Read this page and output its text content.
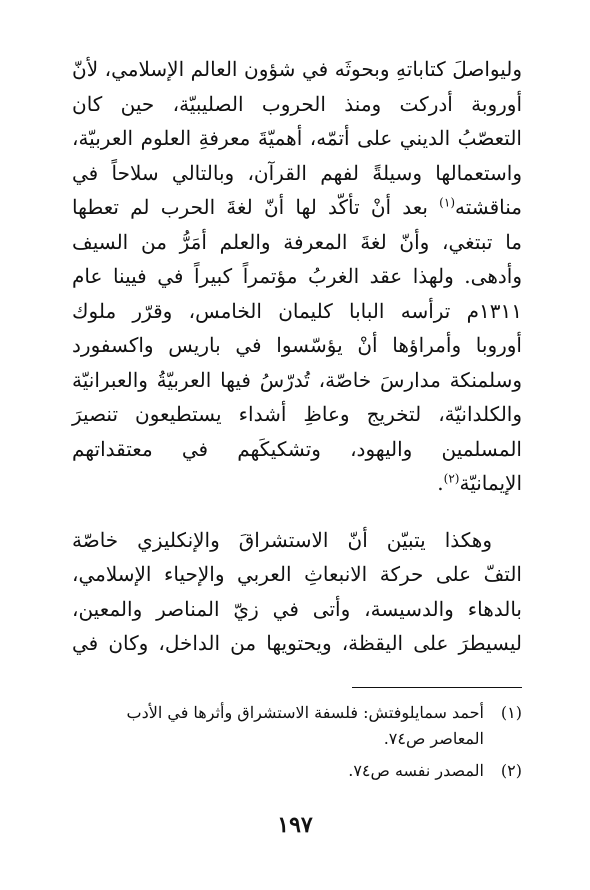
وليواصلَ كتاباتهِ وبحوثَه في شؤون العالم الإسلامي، لأنّ
أوروبة أدركت ومنذ الحروب الصليبيّة، حين كان
التعصّبُ الديني على أتمّه، أهميّةَ معرفةِ العلوم العربيّة،
واستعمالها وسيلةً لفهم القرآن، وبالتالي سلاحاً في
مناقشته$^{(١)}$ بعد أنْ تأكّد لها أنّ لغةَ الحرب لم تعطها
ما تبتغي، وأنّ لغةَ المعرفة والعلم أمَرُّ من السيف
وأدهى. ولهذا عقد الغربُ مؤتمراً كبيراً في فيينا عام
١٣١١م ترأسه البابا كليمان الخامس، وقرّر ملوك
أوروبا وأمراؤها أنْ يؤسّسوا في باريس واكسفورد
وسلمنكة مدارسَ خاصّة، تُدرّسُ فيها العربيّةُ والعبرانيّة
والكلدانيّة، لتخريج وعاظِ أشداء يستطيعون تنصيرَ
المسلمين واليهود، وتشكيكَهم في معتقداتهم
الإيمانيّة$^{(٢)}$.
وهكذا يتبيّن أنّ الاستشراقَ والإنكليزي خاصّة
التفّ على حركة الانبعاثِ العربي والإحياء الإسلامي،
بالدهاء والدسيسة، وأتى في زيّ المناصر والمعين،
ليسيطرَ على اليقظة، ويحتويها من الداخل، وكان في
(١)
أحمد سمايلوفتش: فلسفة الاستشراق وأثرها في الأدب
المعاصر ص٧٤.
(٢)
المصدر نفسه ص٧٤.
١٩٧
